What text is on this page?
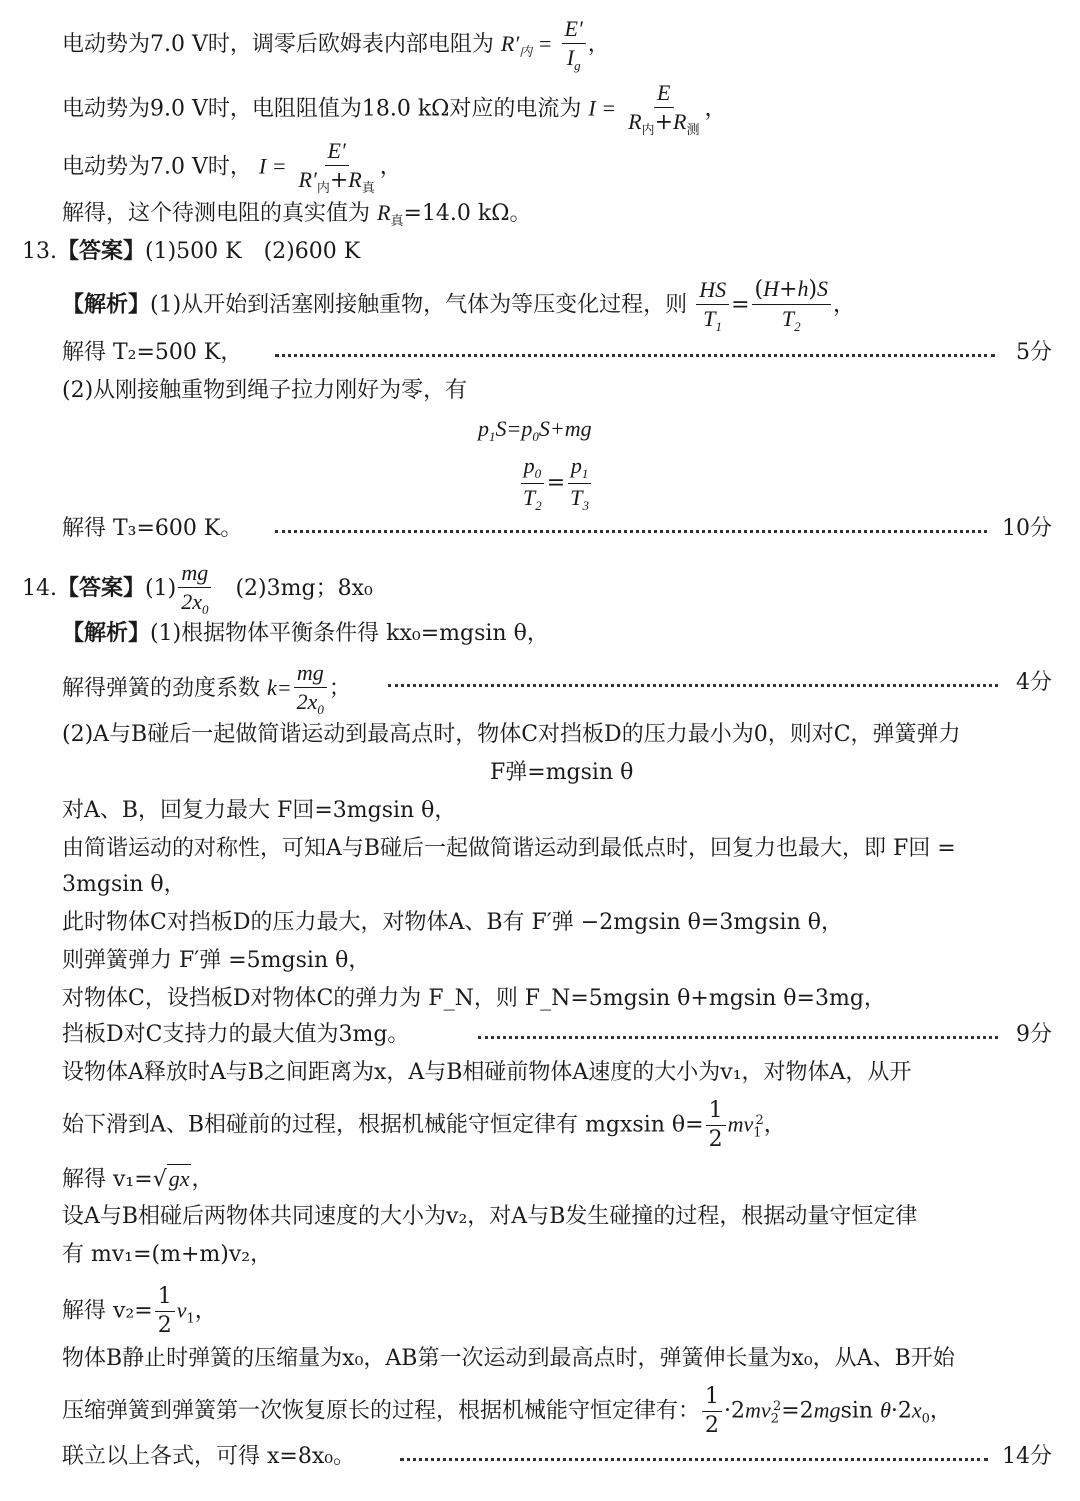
电动势为7.0 V时，调零后欧姆表内部电阻为 $R'_内 = \frac{E'}{I_g}$ ，
电动势为9.0 V时，电阻阻值为18.0 kΩ对应的电流为 $I = \frac{E}{R_内+R_测}$ ，
电动势为7.0 V时， $I = \frac{E'}{R'_内+R_真}$ ，
解得，这个待测电阻的真实值为 $R_真=14.0$ kΩ。
13.【答案】(1)500 K　(2)600 K
【解析】(1)从开始到活塞刚接触重物，气体为等压变化过程，则 $\frac{HS}{T_1} = \frac{(H+h)S}{T_2}$ ，
解得 T₂=500 K，	5分
(2)从刚接触重物到绳子拉力刚好为零，有
$p_1S=p_0S+mg$
$\frac{p_0}{T_2} = \frac{p_1}{T_3}$
解得 T₃=600 K。	10分
14.【答案】$(1) \frac{mg}{2x_0}$
　 (2)3mg；8x₀
【解析】(1)根据物体平衡条件得 kx₀=mgsin θ，
解得弹簧的劲度系数 $k= \frac{mg}{2x_0}$ ；	4分
(2)A与B碰后一起做简谐运动到最高点时，物体C对挡板D的压力最小为0，则对C，弹簧弹力
F弹=mgsin θ
对A、B，回复力最大 F回=3mgsin θ，
由简谐运动的对称性，可知A与B碰后一起做简谐运动到最低点时，回复力也最大，即 F回 =
3mgsin θ，
此时物体C对挡板D的压力最大，对物体A、B有 F′弹 −2mgsin θ=3mgsin θ，
则弹簧弹力 F′弹 =5mgsin θ，
对物体C，设挡板D对物体C的弹力为 F_N，则 F_N=5mgsin θ+mgsin θ=3mg，
挡板D对C支持力的最大值为3mg。	9分
设物体A释放时A与B之间距离为x，A与B相碰前物体A速度的大小为v₁，对物体A，从开
始下滑到A、B相碰前的过程，根据机械能守恒定律有 mgxsin $\theta= \frac{1}{2} mv_1^2$，
解得 v₁=√gx，
设A与B相碰后两物体共同速度的大小为v₂，对A与B发生碰撞的过程，根据动量守恒定律
有 mv₁=(m+m)v₂，
解得 $v_2= \frac{1}{2} v_1$，
物体B静止时弹簧的压缩量为x₀，AB第一次运动到最高点时，弹簧伸长量为x₀，从A、B开始
压缩弹簧到弹簧第一次恢复原长的过程，根据机械能守恒定律有： $\frac{1}{2} \cdot 2mv_2^2=2mgsin$ $\theta\cdot 2x_0$，
联立以上各式，可得 x=8x₀。	14分
